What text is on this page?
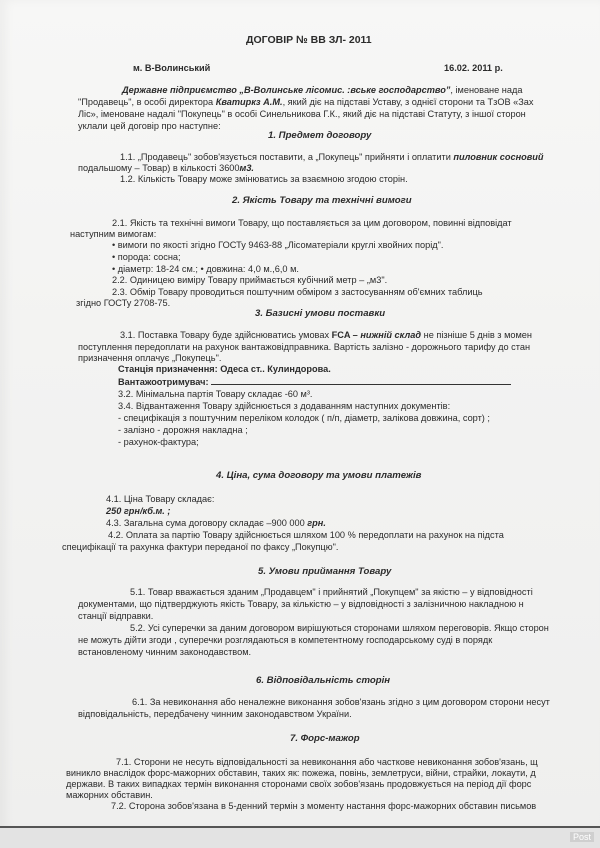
ДОГОВІР № ВВ ЗЛ- 2011
м. В-Волинський	16.02. 2011 р.
Державне підприємство „В-Волинське лісомис. :вське господарство”, іменоване нада
"Продавець", в особі директора Кватиркз А.М., який діє на підставі Уставу, з однієї сторони та ТзОВ «Зах
Ліс», іменоване надалі "Покупець" в особі Синельникова Г.К., який діє на підставі Статуту, з іншої сторон
уклали цей договір про наступне:
1. Предмет договору
1.1. „Продавець" зобов'язується поставити, а „Покупець" прийняти і оплатити пиловник сосновий
подальшому – Товар) в кількості 3600м3.
1.2. Кількість Товару може змінюватись за взаємною згодою сторін.
2. Якість Товару та технічні вимоги
2.1. Якість та технічні вимоги Товару, що поставляється за цим договором, повинні відповідат
наступним вимогам:
• вимоги по якості згідно ГОСТу 9463-88 „Лісоматеріали круглі хвойних порід".
• порода: сосна;
• діаметр: 18-24 см.; • довжина: 4,0 м.,6,0 м.
2.2. Одиницею виміру Товару приймається кубічний метр – „м3".
2.3. Обмір Товару проводиться поштучним обміром з застосуванням об'ємних таблиць
згідно ГОСТу 2708-75.
3. Базисні умови поставки
3.1. Поставка Товару буде здійснюватись умовах FCA – нижній склад не пізніше 5 днів з момен
поступлення передоплати на рахунок вантажовідправника. Вартість залізно - дорожнього тарифу до стан
призначення оплачує „Покупець".
Станція призначення: Одеса ст.. Кулиндорова.
Вантажоотримувач:
3.2. Мінімальна партія Товару складає -60 м³.
3.4. Відвантаження Товару здійснюється з додаванням наступних документів:
- специфікація з поштучним переліком колодок ( п/п, діаметр, залікова довжина, сорт) ;
- залізно - дорожня накладна ;
- рахунок-фактура;
4. Ціна, сума договору та умови платежів
4.1. Ціна Товару складає:
250 грн/кб.м. ;
4.3. Загальна сума договору складає –900 000 грн.
4.2. Оплата за партію Товару здійснюється шляхом 100 % передоплати на рахунок на підста
специфікації та рахунка фактури переданої по факсу „Покупцю".
5. Умови приймання Товару
5.1. Товар вважається зданим „Продавцем" і прийнятий „Покупцем" за якістю – у відповідності
документами, що підтверджують якість Товару, за кількістю – у відповідності з залізничною накладною н
станції відправки.
5.2. Усі суперечки за даним договором вирішуються сторонами шляхом переговорів. Якщо сторон
не можуть дійти згоди , суперечки розглядаються в компетентному господарському суді в порядк
встановленому чинним законодавством.
6. Відповідальність сторін
6.1. За невиконання або неналежне виконання зобов'язань згідно з цим договором сторони несут
відповідальність, передбачену чинним законодавством України.
7. Форс-мажор
7.1. Сторони не несуть відповідальності за невиконання або часткове невиконання зобов'язань, щ
виникло внаслідок форс-мажорних обставин, таких як: пожежа, повінь, землетруси, війни, страйки, локаути, д
держави. В таких випадках термін виконання сторонами своїх зобов'язань продовжується на період дії форс
мажорних обставин.
7.2. Сторона зобов'язана в 5-денний термін з моменту настання форс-мажорних обставин письмов
Post
